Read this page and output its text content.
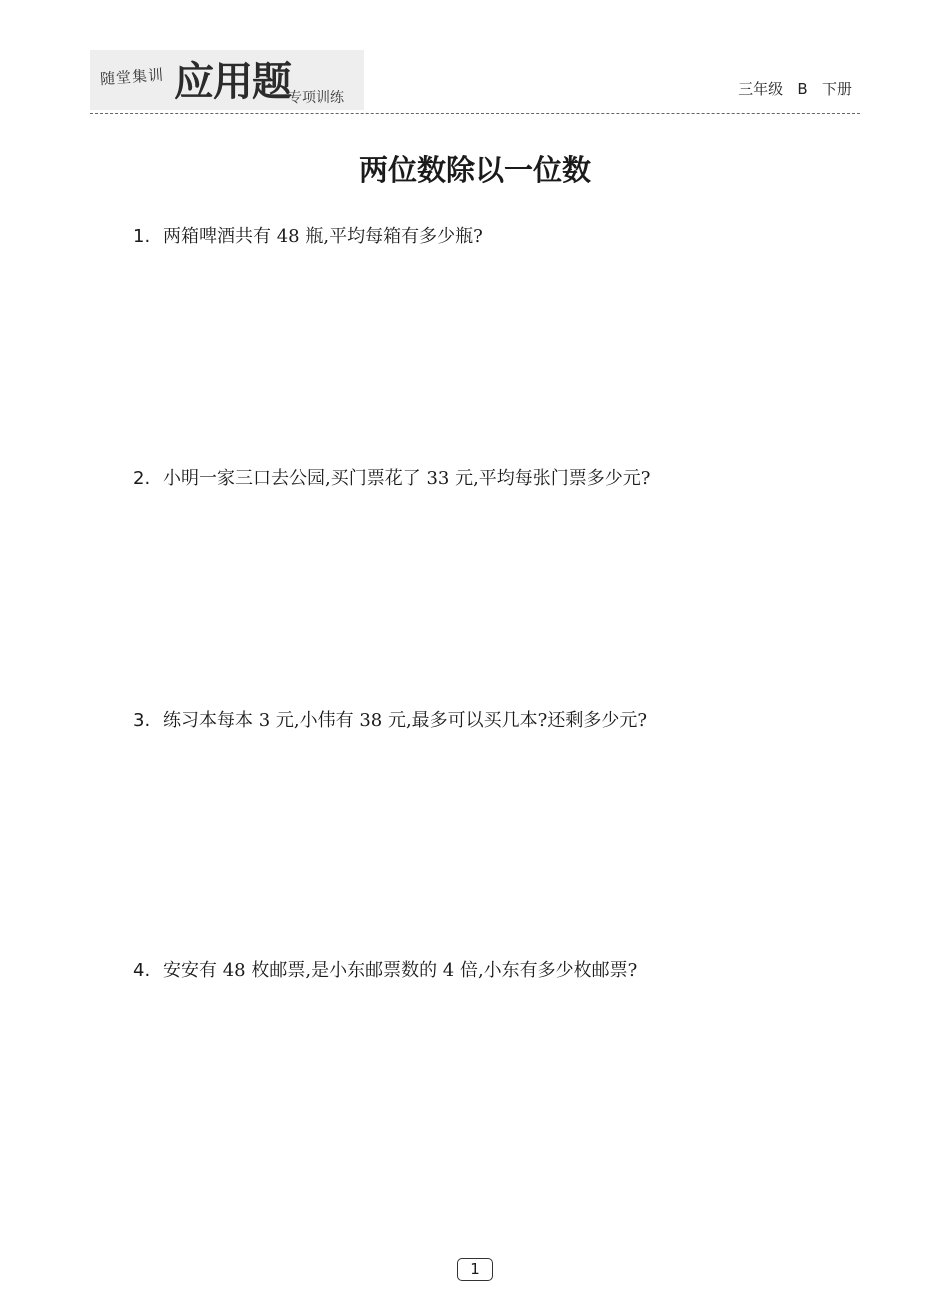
随堂集训 应用题
专项训练	三年级   B   下册
两位数除以一位数
1. 两箱啤酒共有 48 瓶,平均每箱有多少瓶?
2. 小明一家三口去公园,买门票花了 33 元,平均每张门票多少元?
3. 练习本每本 3 元,小伟有 38 元,最多可以买几本?还剩多少元?
4. 安安有 48 枚邮票,是小东邮票数的 4 倍,小东有多少枚邮票?
1
